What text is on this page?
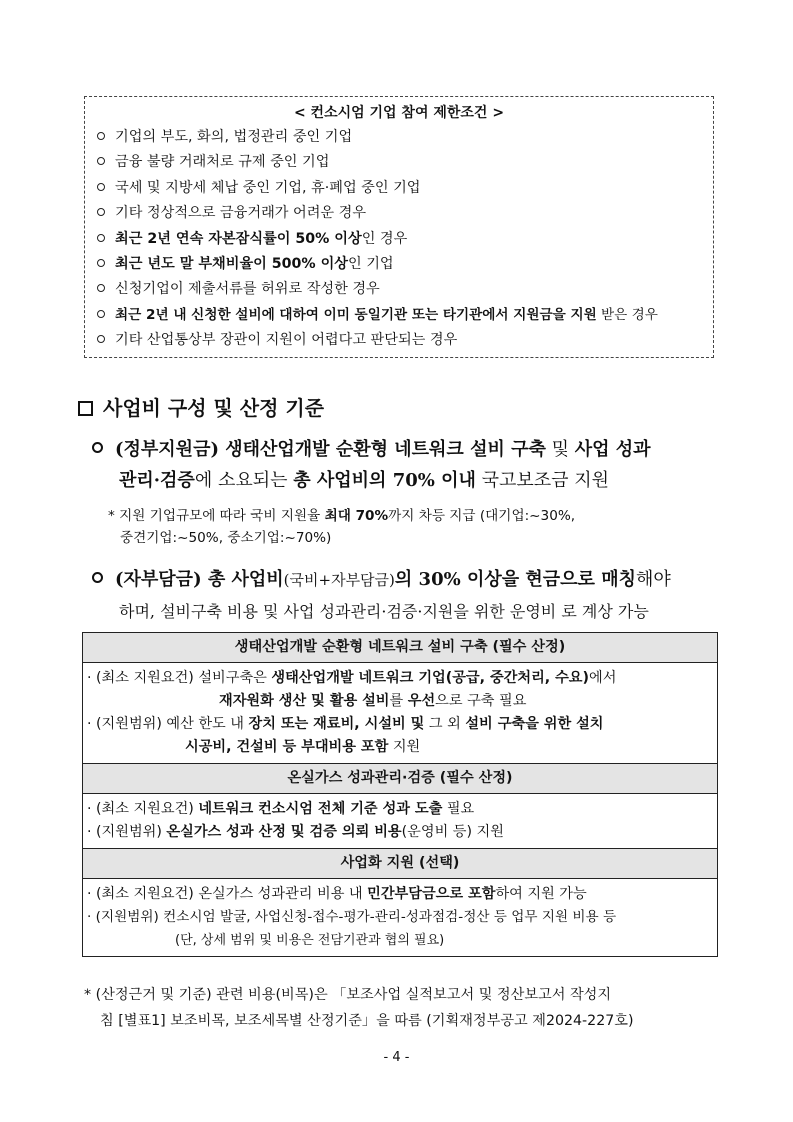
< 컨소시엄 기업 참여 제한조건 >
기업의 부도, 화의, 법정관리 중인 기업
금융 불량 거래처로 규제 중인 기업
국세 및 지방세 체납 중인 기업, 휴·폐업 중인 기업
기타 정상적으로 금융거래가 어려운 경우
최근 2년 연속 자본잠식률이 50% 이상인 경우
최근 년도 말 부채비율이 500% 이상인 기업
신청기업이 제출서류를 허위로 작성한 경우
최근 2년 내 신청한 설비에 대하여 이미 동일기관 또는 타기관에서 지원금을 지원 받은 경우
기타 산업통상부 장관이 지원이 어렵다고 판단되는 경우
사업비 구성 및 산정 기준
(정부지원금) 생태산업개발 순환형 네트워크 설비 구축 및 사업 성과
관리·검증에 소요되는 총 사업비의 70% 이내 국고보조금 지원
* 지원 기업규모에 따라 국비 지원율 최대 70%까지 차등 지급 (대기업:~30%,
중견기업:~50%, 중소기업:~70%)
(자부담금) 총 사업비(국비+자부담금)의 30% 이상을 현금으로 매칭해야
하며, 설비구축 비용 및 사업 성과관리·검증·지원을 위한 운영비 로 계상 가능
생태산업개발 순환형 네트워크 설비 구축 (필수 산정)
· (최소 지원요건) 설비구축은 생태산업개발 네트워크 기업(공급, 중간처리, 수요)에서
재자원화 생산 및 활용 설비를 우선으로 구축 필요
· (지원범위) 예산 한도 내 장치 또는 재료비, 시설비 및 그 외 설비 구축을 위한 설치
시공비, 건설비 등 부대비용 포함 지원
온실가스 성과관리·검증 (필수 산정)
· (최소 지원요건) 네트워크 컨소시엄 전체 기준 성과 도출 필요
· (지원범위) 온실가스 성과 산정 및 검증 의뢰 비용(운영비 등) 지원
사업화 지원 (선택)
· (최소 지원요건) 온실가스 성과관리 비용 내 민간부담금으로 포함하여 지원 가능
· (지원범위) 컨소시엄 발굴, 사업신청-접수-평가-관리-성과점검-정산 등 업무 지원 비용 등
(단, 상세 범위 및 비용은 전담기관과 협의 필요)
* (산정근거 및 기준) 관련 비용(비목)은 「보조사업 실적보고서 및 정산보고서 작성지
침 [별표1] 보조비목, 보조세목별 산정기준」을 따름 (기획재정부공고 제2024-227호)
- 4 -
